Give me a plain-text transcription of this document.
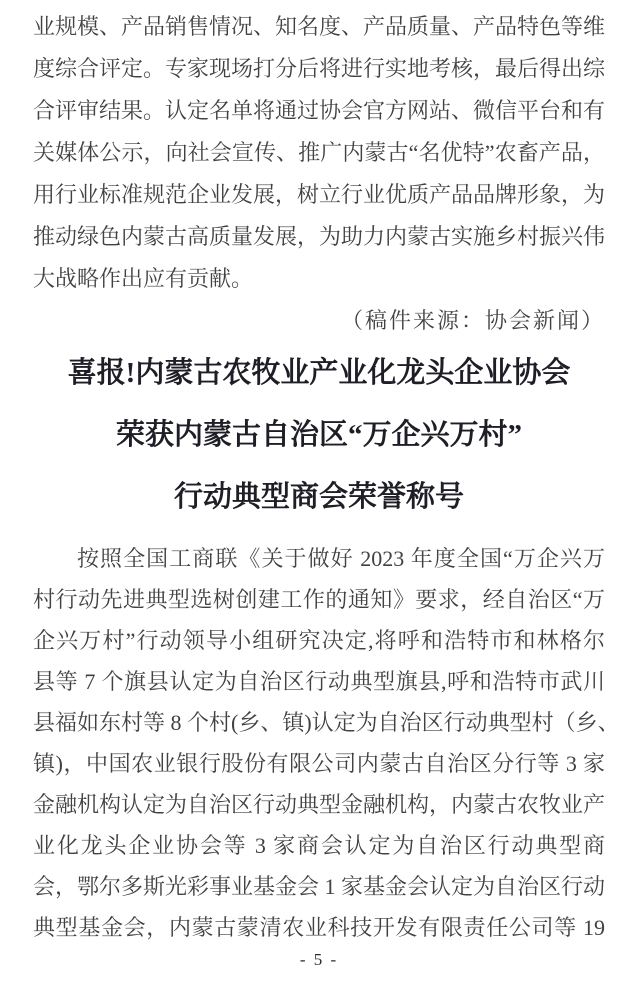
业规模、产品销售情况、知名度、产品质量、产品特色等维
度综合评定。专家现场打分后将进行实地考核，最后得出综
合评审结果。认定名单将通过协会官方网站、微信平台和有
关媒体公示，向社会宣传、推广内蒙古“名优特”农畜产品，
用行业标准规范企业发展，树立行业优质产品品牌形象，为
推动绿色内蒙古高质量发展，为助力内蒙古实施乡村振兴伟
大战略作出应有贡献。
（稿件来源：协会新闻）
喜报!内蒙古农牧业产业化龙头企业协会
荣获内蒙古自治区“万企兴万村”
行动典型商会荣誉称号
按照全国工商联《关于做好 2023 年度全国“万企兴万
村行动先进典型选树创建工作的通知》要求，经自治区“万
企兴万村”行动领导小组研究决定,将呼和浩特市和林格尔
县等 7 个旗县认定为自治区行动典型旗县,呼和浩特市武川
县福如东村等 8 个村(乡、镇)认定为自治区行动典型村（乡、
镇)，中国农业银行股份有限公司内蒙古自治区分行等 3 家
金融机构认定为自治区行动典型金融机构，内蒙古农牧业产
业化龙头企业协会等 3 家商会认定为自治区行动典型商
会，鄂尔多斯光彩事业基金会 1 家基金会认定为自治区行动
典型基金会，内蒙古蒙清农业科技开发有限责任公司等 19
- 5 -
